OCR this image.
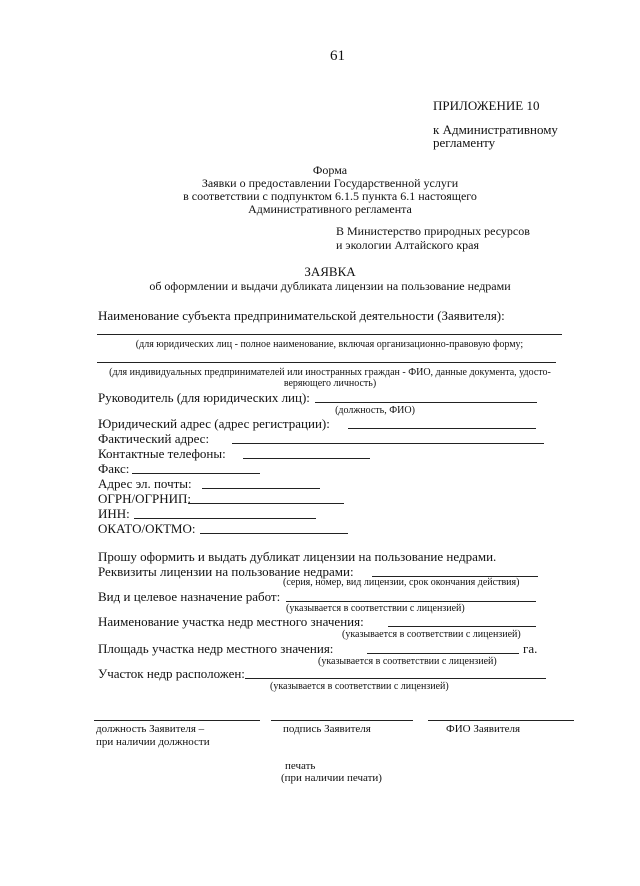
61
ПРИЛОЖЕНИЕ 10
к Административному
регламенту
Форма
Заявки о предоставлении Государственной услуги
в соответствии с подпунктом 6.1.5 пункта 6.1 настоящего
Административного регламента
В Министерство природных ресурсов
и экологии Алтайского края
ЗАЯВКА
об оформлении и выдачи дубликата лицензии на пользование недрами
Наименование субъекта предпринимательской деятельности (Заявителя):
(для юридических лиц - полное наименование, включая организационно-правовую форму;
(для индивидуальных предпринимателей или иностранных граждан - ФИО, данные документа, удосто-
веряющего личность)
Руководитель (для юридических лиц):
(должность, ФИО)
Юридический адрес (адрес регистрации):
Фактический адрес:
Контактные телефоны:
Факс:
Адрес эл. почты:
ОГРН/ОГРНИП:
ИНН:
ОКАТО/ОКТМО:
Прошу оформить и выдать дубликат лицензии на пользование недрами.
Реквизиты лицензии на пользование недрами:
(серия, номер, вид лицензии, срок окончания действия)
Вид и целевое назначение работ:
(указывается в соответствии с лицензией)
Наименование участка недр местного значения:
(указывается в соответствии с лицензией)
Площадь участка недр местного значения:	га.
(указывается в соответствии с лицензией)
Участок недр расположен:
(указывается в соответствии с лицензией)
должность Заявителя –
при наличии должности
подпись Заявителя	ФИО Заявителя
печать
(при наличии печати)
